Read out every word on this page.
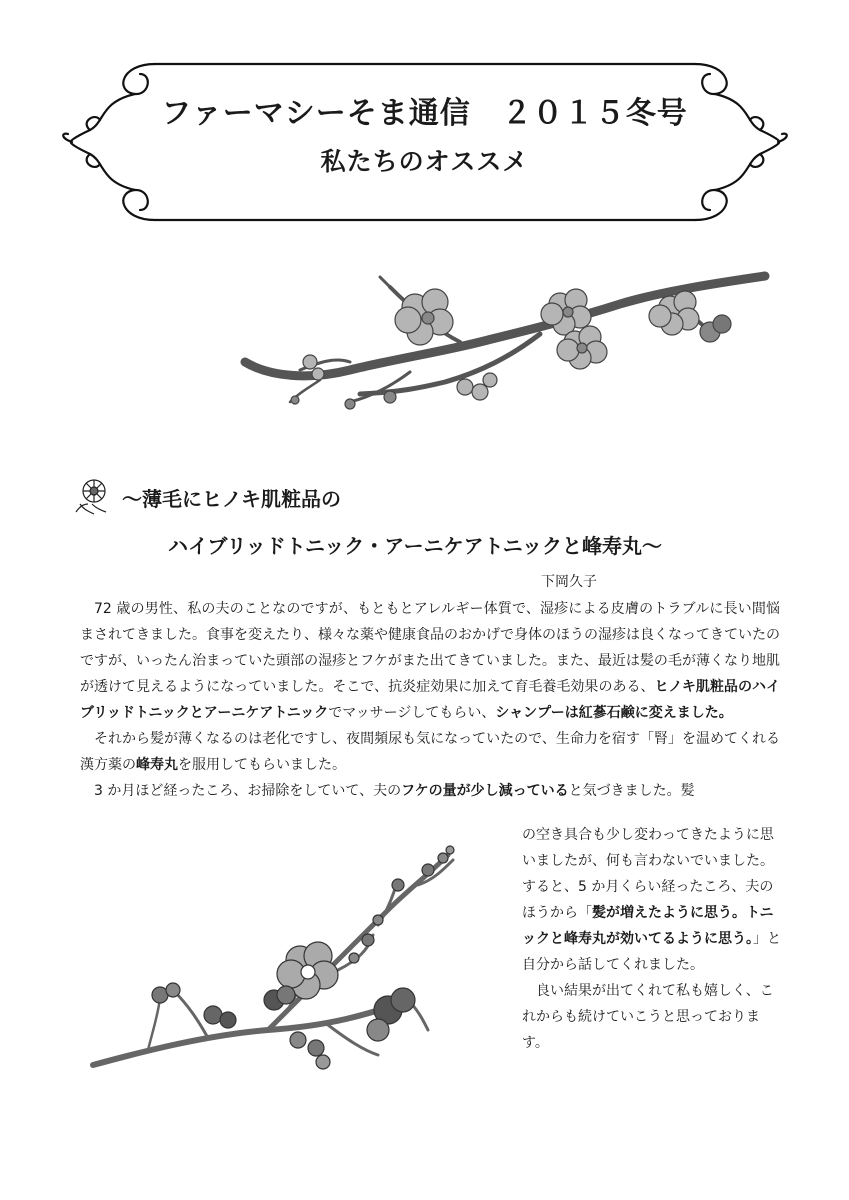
ファーマシーそま通信　２０１５冬号
私たちのオススメ
～薄毛にヒノキ肌粧品の
ハイブリッドトニック・アーニケアトニックと峰寿丸～
下岡久子

72 歳の男性、私の夫のことなのですが、もともとアレルギー体質で、湿疹による皮膚のトラブルに長い間悩まされてきました。食事を変えたり、様々な薬や健康食品のおかげで身体のほうの湿疹は良くなってきていたのですが、いったん治まっていた頭部の湿疹とフケがまた出てきていました。また、最近は髪の毛が薄くなり地肌が透けて見えるようになっていました。そこで、抗炎症効果に加えて育毛養毛効果のある、ヒノキ肌粧品のハイブリッドトニックとアーニケアトニックでマッサージしてもらい、シャンプーは紅蔘石鹸に変えました。

それから髪が薄くなるのは老化ですし、夜間頻尿も気になっていたので、生命力を宿す「腎」を温めてくれる漢方薬の峰寿丸を服用してもらいました。

3 か月ほど経ったころ、お掃除をしていて、夫のフケの量が少し減っていると気づきました。髪

の空き具合も少し変わってきたように思いましたが、何も言わないでいました。すると、5 か月くらい経ったころ、夫のほうから「髪が増えたように思う。トニックと峰寿丸が効いてるように思う。」と自分から話してくれました。

良い結果が出てくれて私も嬉しく、これからも続けていこうと思っております。
